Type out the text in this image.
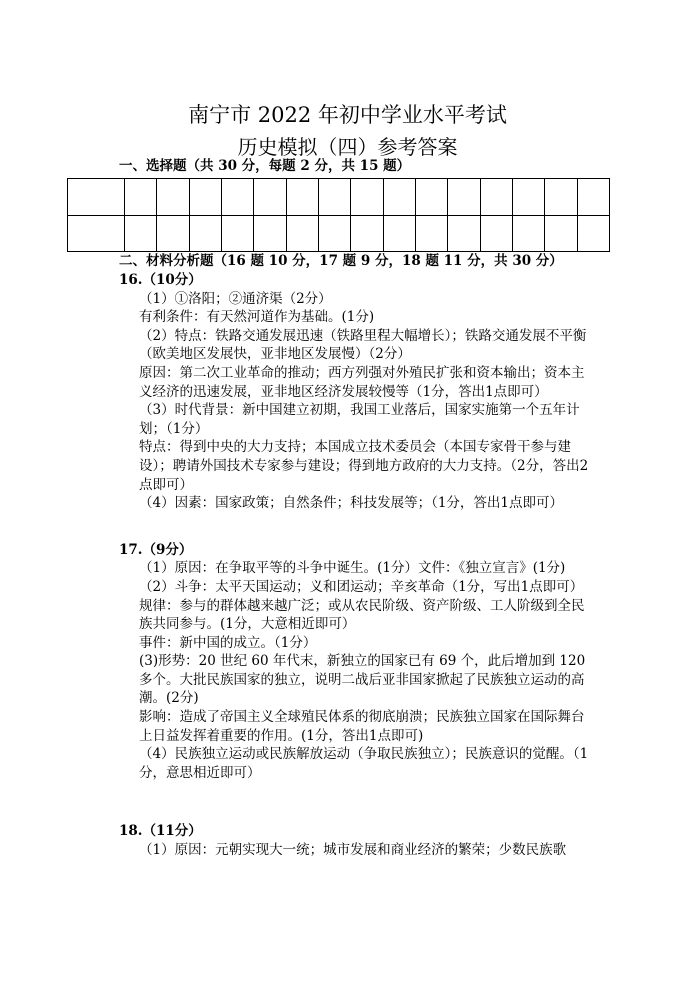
南宁市 2022 年初中学业水平考试
历史模拟（四）参考答案
一、选择题（共 30 分，每题 2 分，共 15 题）

二、材料分析题（16 题 10 分，17 题 9 分，18 题 11 分，共 30 分）

16.（10分）

（1）①洛阳；②通济渠（2分）

有利条件：有天然河道作为基础。(1分)

（2）特点：铁路交通发展迅速（铁路里程大幅增长）；铁路交通发展不平衡（欧美地区发展快，亚非地区发展慢）（2分）

原因：第二次工业革命的推动；西方列强对外殖民扩张和资本输出；资本主义经济的迅速发展，亚非地区经济发展较慢等（1分，答出1点即可）

（3）时代背景：新中国建立初期，我国工业落后，国家实施第一个五年计划；（1分）

特点：得到中央的大力支持；本国成立技术委员会（本国专家骨干参与建设）；聘请外国技术专家参与建设；得到地方政府的大力支持。（2分，答出2点即可）

（4）因素：国家政策；自然条件；科技发展等；（1分，答出1点即可）

17.（9分）

（1）原因：在争取平等的斗争中诞生。(1分）文件：《独立宣言》(1分)

（2）斗争：太平天国运动；义和团运动；辛亥革命（1分，写出1点即可）

规律：参与的群体越来越广泛；或从农民阶级、资产阶级、工人阶级到全民族共同参与。(1分，大意相近即可）

事件：新中国的成立。（1分）

(3)形势：20 世纪 60 年代末，新独立的国家已有 69 个，此后增加到 120 多个。大批民族国家的独立，说明二战后亚非国家掀起了民族独立运动的高潮。(2分)

影响：造成了帝国主义全球殖民体系的彻底崩溃；民族独立国家在国际舞台上日益发挥着重要的作用。(1分，答出1点即可)

（4）民族独立运动或民族解放运动（争取民族独立）；民族意识的觉醒。（1分，意思相近即可）

18.（11分）

（1）原因：元朝实现大一统；城市发展和商业经济的繁荣；少数民族歌
